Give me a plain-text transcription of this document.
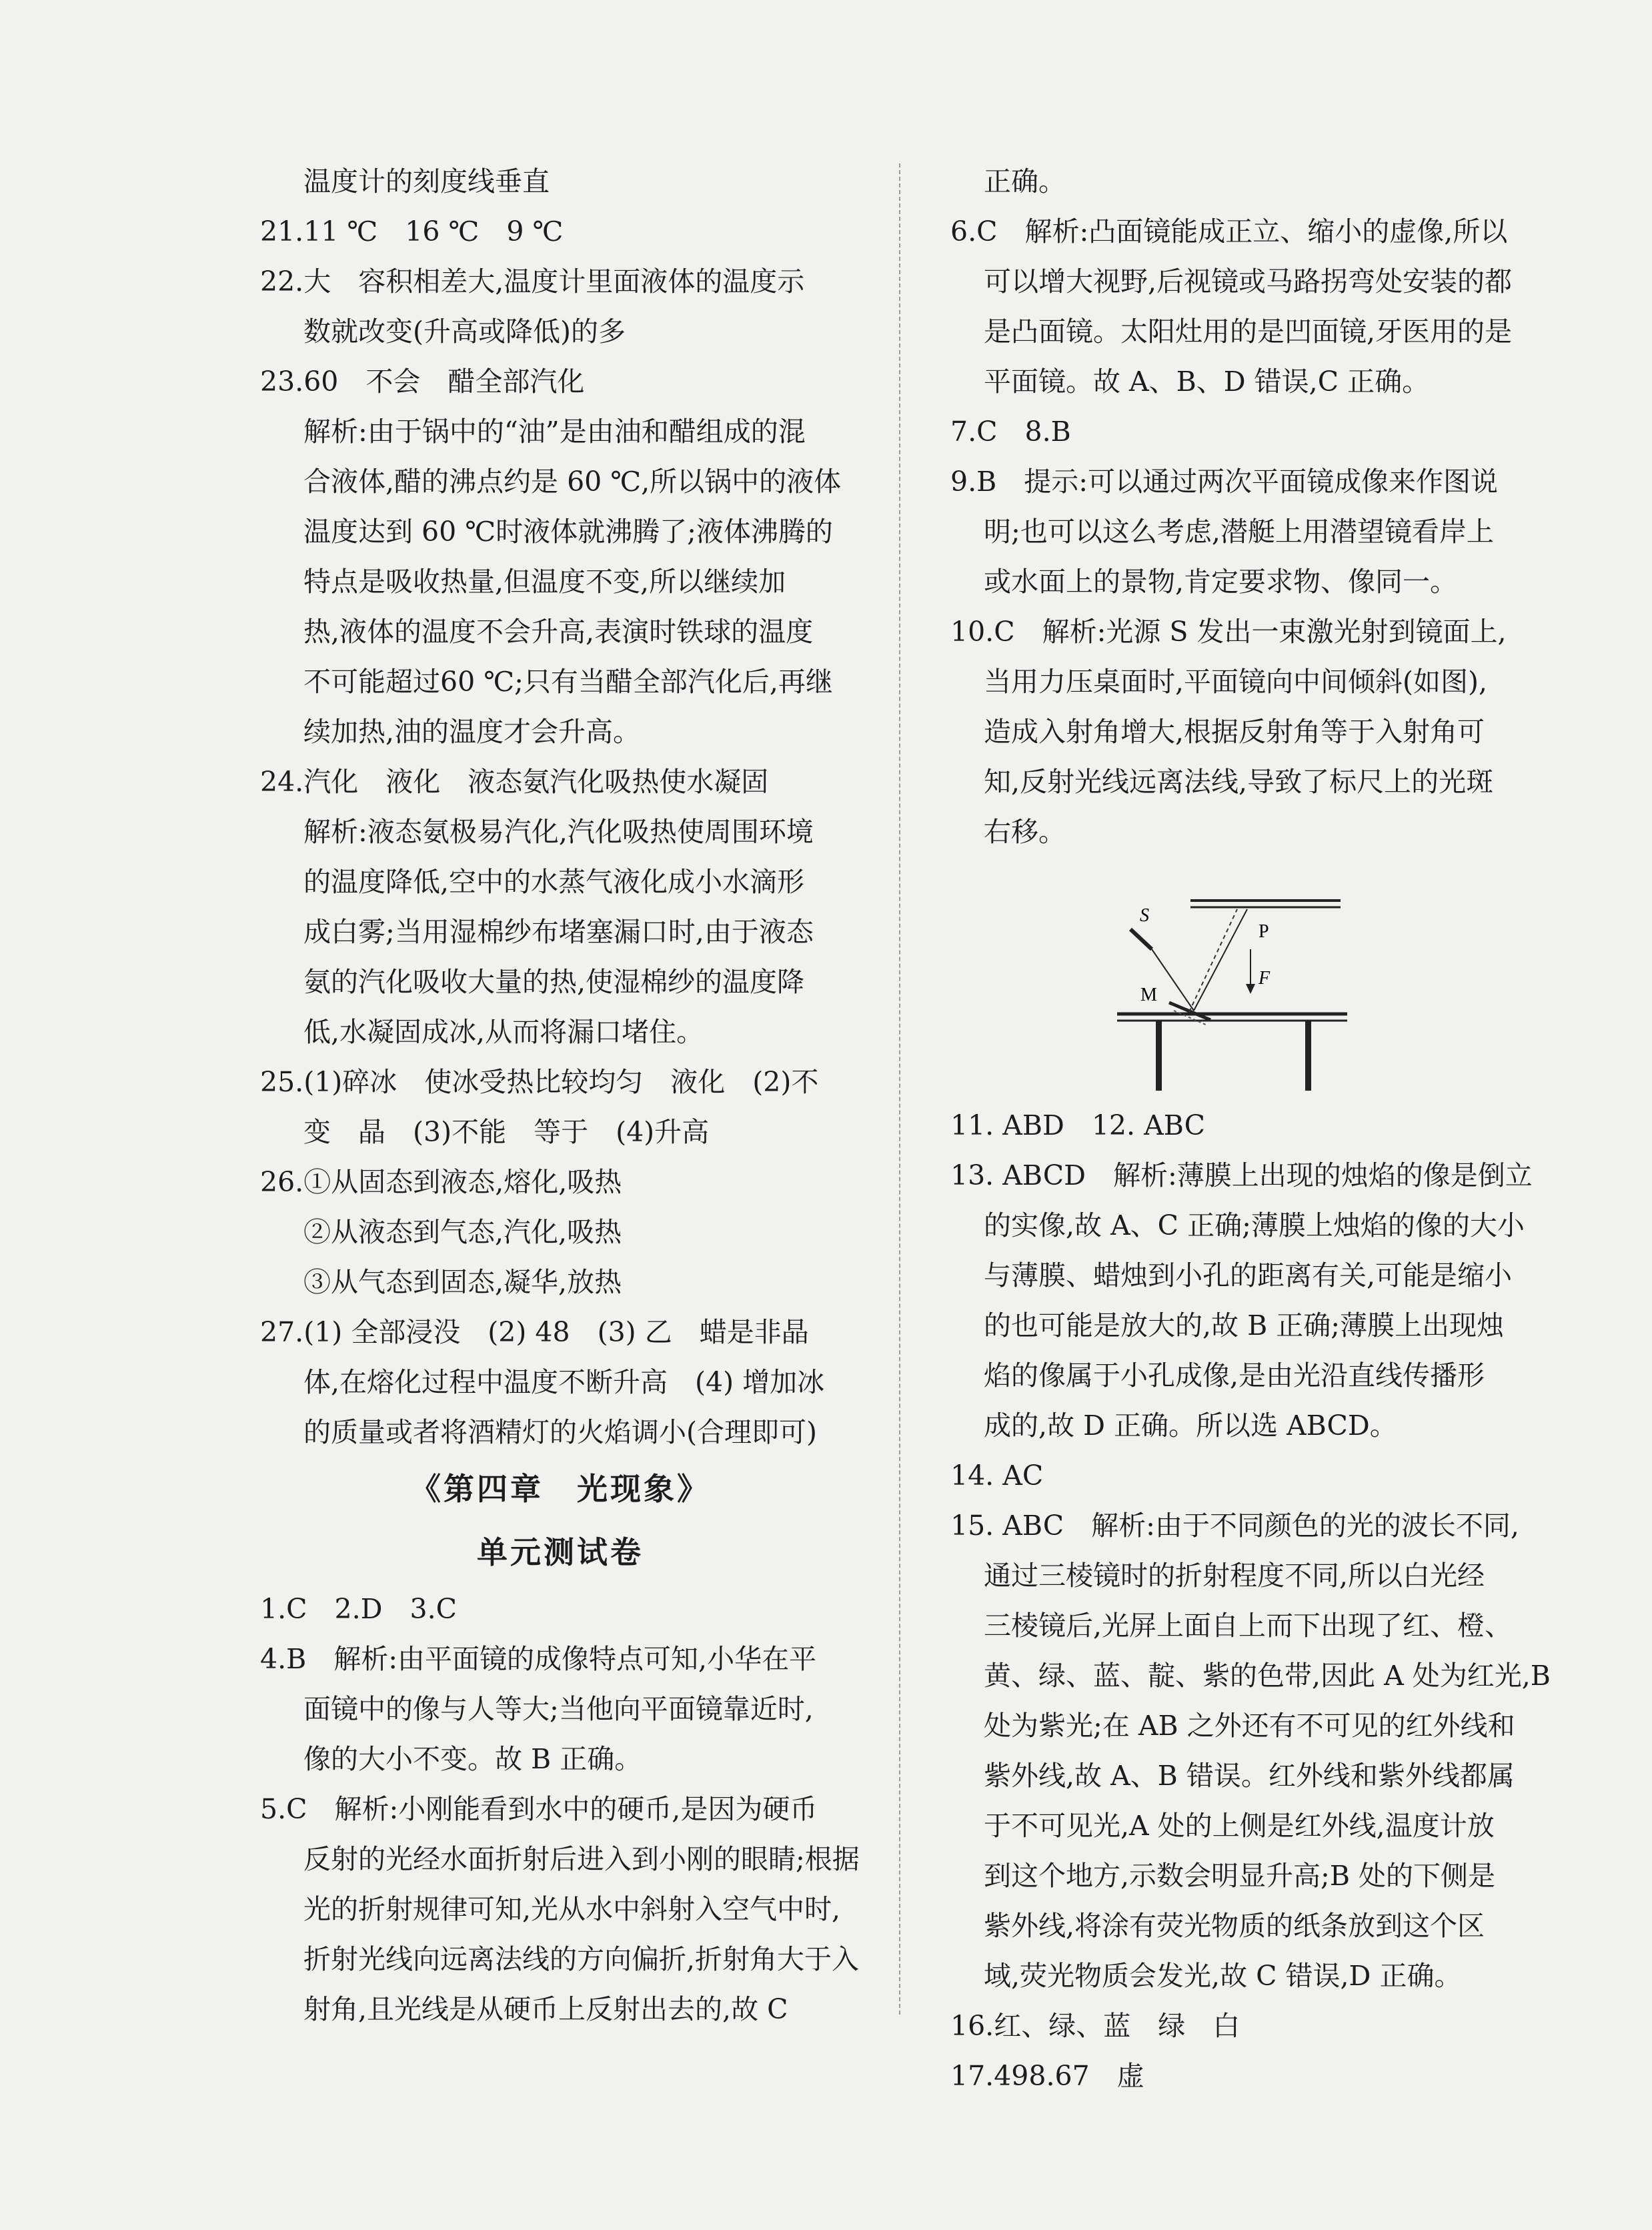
温度计的刻度线垂直
21.11 ℃　16 ℃　9 ℃
22.大　容积相差大,温度计里面液体的温度示
数就改变(升高或降低)的多
23.60　不会　醋全部汽化
解析:由于锅中的“油”是由油和醋组成的混
合液体,醋的沸点约是 60 ℃,所以锅中的液体
温度达到 60 ℃时液体就沸腾了;液体沸腾的
特点是吸收热量,但温度不变,所以继续加
热,液体的温度不会升高,表演时铁球的温度
不可能超过60 ℃;只有当醋全部汽化后,再继
续加热,油的温度才会升高。
24.汽化　液化　液态氨汽化吸热使水凝固
解析:液态氨极易汽化,汽化吸热使周围环境
的温度降低,空中的水蒸气液化成小水滴形
成白雾;当用湿棉纱布堵塞漏口时,由于液态
氨的汽化吸收大量的热,使湿棉纱的温度降
低,水凝固成冰,从而将漏口堵住。
25.(1)碎冰　使冰受热比较均匀　液化　(2)不
变　晶　(3)不能　等于　(4)升高
26.①从固态到液态,熔化,吸热
②从液态到气态,汽化,吸热
③从气态到固态,凝华,放热
27.(1) 全部浸没　(2) 48　(3) 乙　蜡是非晶
体,在熔化过程中温度不断升高　(4) 增加冰
的质量或者将酒精灯的火焰调小(合理即可)
《第四章　光现象》
单元测试卷
1.C　2.D　3.C
4.B　解析:由平面镜的成像特点可知,小华在平
面镜中的像与人等大;当他向平面镜靠近时,
像的大小不变。故 B 正确。
5.C　解析:小刚能看到水中的硬币,是因为硬币
反射的光经水面折射后进入到小刚的眼睛;根据
光的折射规律可知,光从水中斜射入空气中时,
折射光线向远离法线的方向偏折,折射角大于入
射角,且光线是从硬币上反射出去的,故 C
正确。
6.C　解析:凸面镜能成正立、缩小的虚像,所以
可以增大视野,后视镜或马路拐弯处安装的都
是凸面镜。太阳灶用的是凹面镜,牙医用的是
平面镜。故 A、B、D 错误,C 正确。
7.C　8.B
9.B　提示:可以通过两次平面镜成像来作图说
明;也可以这么考虑,潜艇上用潜望镜看岸上
或水面上的景物,肯定要求物、像同一。
10.C　解析:光源 S 发出一束激光射到镜面上,
当用力压桌面时,平面镜向中间倾斜(如图),
造成入射角增大,根据反射角等于入射角可
知,反射光线远离法线,导致了标尺上的光斑
右移。
S
P
M
F
11. ABD　12. ABC
13. ABCD　解析:薄膜上出现的烛焰的像是倒立
的实像,故 A、C 正确;薄膜上烛焰的像的大小
与薄膜、蜡烛到小孔的距离有关,可能是缩小
的也可能是放大的,故 B 正确;薄膜上出现烛
焰的像属于小孔成像,是由光沿直线传播形
成的,故 D 正确。所以选 ABCD。
14. AC
15. ABC　解析:由于不同颜色的光的波长不同,
通过三棱镜时的折射程度不同,所以白光经
三棱镜后,光屏上面自上而下出现了红、橙、
黄、绿、蓝、靛、紫的色带,因此 A 处为红光,B
处为紫光;在 AB 之外还有不可见的红外线和
紫外线,故 A、B 错误。红外线和紫外线都属
于不可见光,A 处的上侧是红外线,温度计放
到这个地方,示数会明显升高;B 处的下侧是
紫外线,将涂有荧光物质的纸条放到这个区
域,荧光物质会发光,故 C 错误,D 正确。
16.红、绿、蓝　绿　白
17.498.67　虚
